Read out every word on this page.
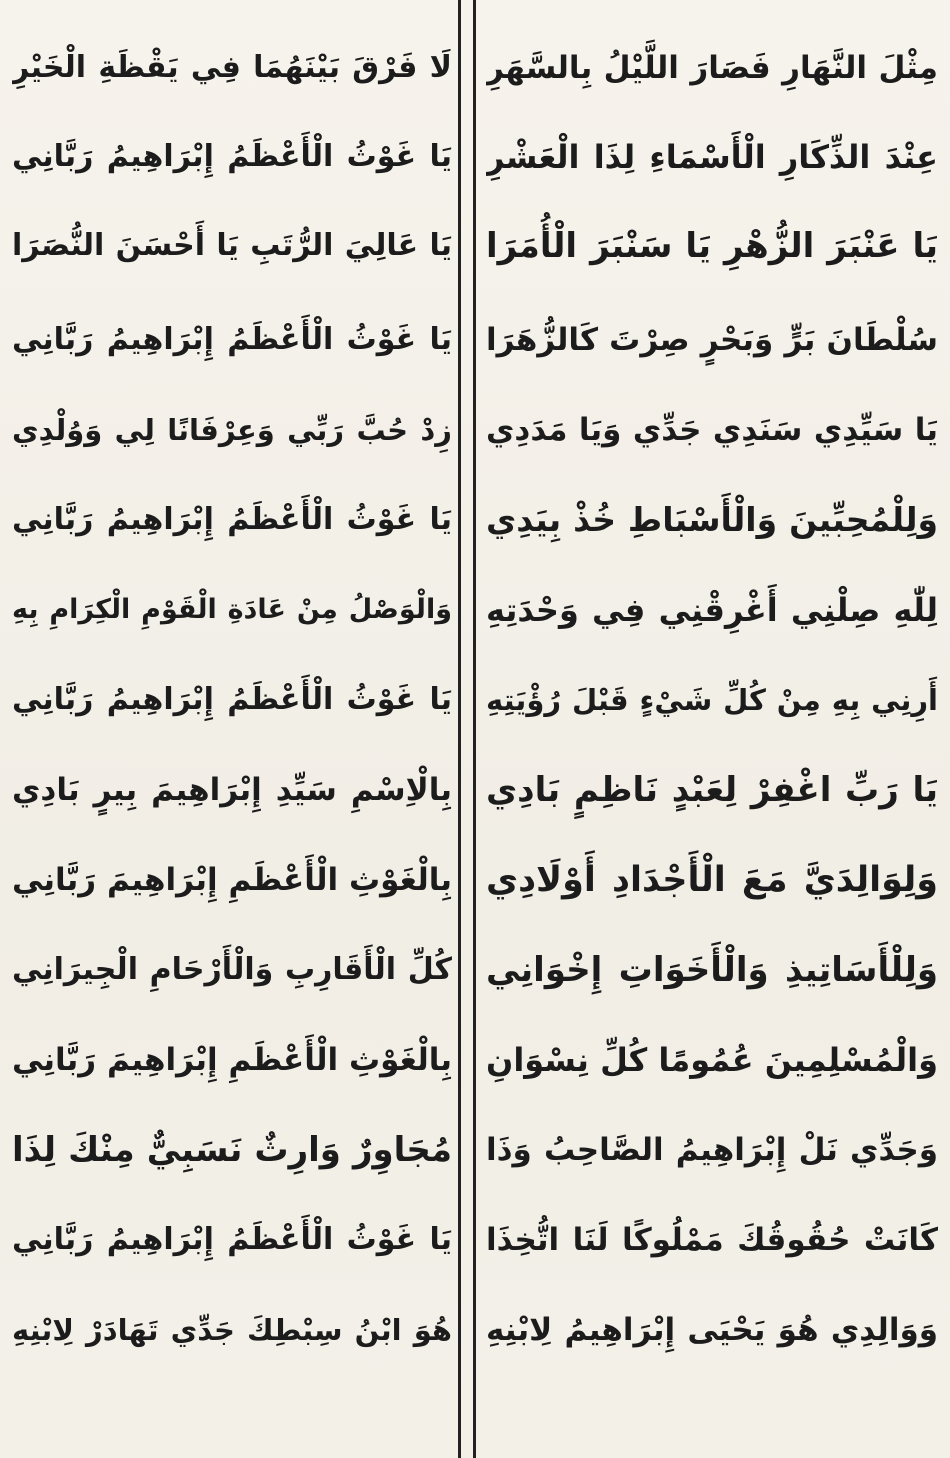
مِثْلَ النَّهَارِ فَصَارَ اللَّيْلُ بِالسَّهَرِ
عِنْدَ الذِّكَارِ الْأَسْمَاءِ لِذَا الْعَشْرِ
يَا عَنْبَرَ الزُّهْرِ يَا سَنْبَرَ الْأُمَرَا
سُلْطَانَ بَرٍّ وَبَحْرٍ صِرْتَ كَالزُّهَرَا
يَا سَيِّدِي سَنَدِي جَدِّي وَيَا مَدَدِي
وَلِلْمُحِبِّينَ وَالْأَسْبَاطِ خُذْ بِيَدِي
لِلّٰهِ صِلْنِي أَغْرِقْنِي فِي وَحْدَتِهِ
أَرِنِي بِهِ مِنْ كُلِّ شَيْءٍ قَبْلَ رُؤْيَتِهِ
يَا رَبِّ اغْفِرْ لِعَبْدٍ نَاظِمٍ بَادِي
وَلِوَالِدَيَّ مَعَ الْأَجْدَادِ أَوْلَادِي
وَلِلْأَسَاتِيذِ وَالْأَخَوَاتِ إِخْوَانِي
وَالْمُسْلِمِينَ عُمُومًا كُلِّ نِسْوَانِ
وَجَدِّي نَلْ إِبْرَاهِيمُ الصَّاحِبُ وَذَا
كَانَتْ حُقُوقُكَ مَمْلُوكًا لَنَا اتُّخِذَا
وَوَالِدِي هُوَ يَحْيَى إِبْرَاهِيمُ لِابْنِهِ
لَا فَرْقَ بَيْنَهُمَا فِي يَقْظَةِ الْخَيْرِ
يَا غَوْثُ الْأَعْظَمُ إِبْرَاهِيمُ رَبَّانِي
يَا عَالِيَ الرُّتَبِ يَا أَحْسَنَ النُّصَرَا
يَا غَوْثُ الْأَعْظَمُ إِبْرَاهِيمُ رَبَّانِي
زِدْ حُبَّ رَبِّي وَعِرْفَانًا لِي وَوُلْدِي
يَا غَوْثُ الْأَعْظَمُ إِبْرَاهِيمُ رَبَّانِي
وَالْوَصْلُ مِنْ عَادَةِ الْقَوْمِ الْكِرَامِ بِهِ
يَا غَوْثُ الْأَعْظَمُ إِبْرَاهِيمُ رَبَّانِي
بِالْاِسْمِ سَيِّدِ إِبْرَاهِيمَ بِيرٍ بَادِي
بِالْغَوْثِ الْأَعْظَمِ إِبْرَاهِيمَ رَبَّانِي
كُلِّ الْأَقَارِبِ وَالْأَرْحَامِ الْجِيرَانِي
بِالْغَوْثِ الْأَعْظَمِ إِبْرَاهِيمَ رَبَّانِي
مُجَاوِرٌ وَارِثٌ نَسَبِيٌّ مِنْكَ لِذَا
يَا غَوْثُ الْأَعْظَمُ إِبْرَاهِيمُ رَبَّانِي
هُوَ ابْنُ سِبْطِكَ جَدِّي تَهَادَرْ لِابْنِهِ
